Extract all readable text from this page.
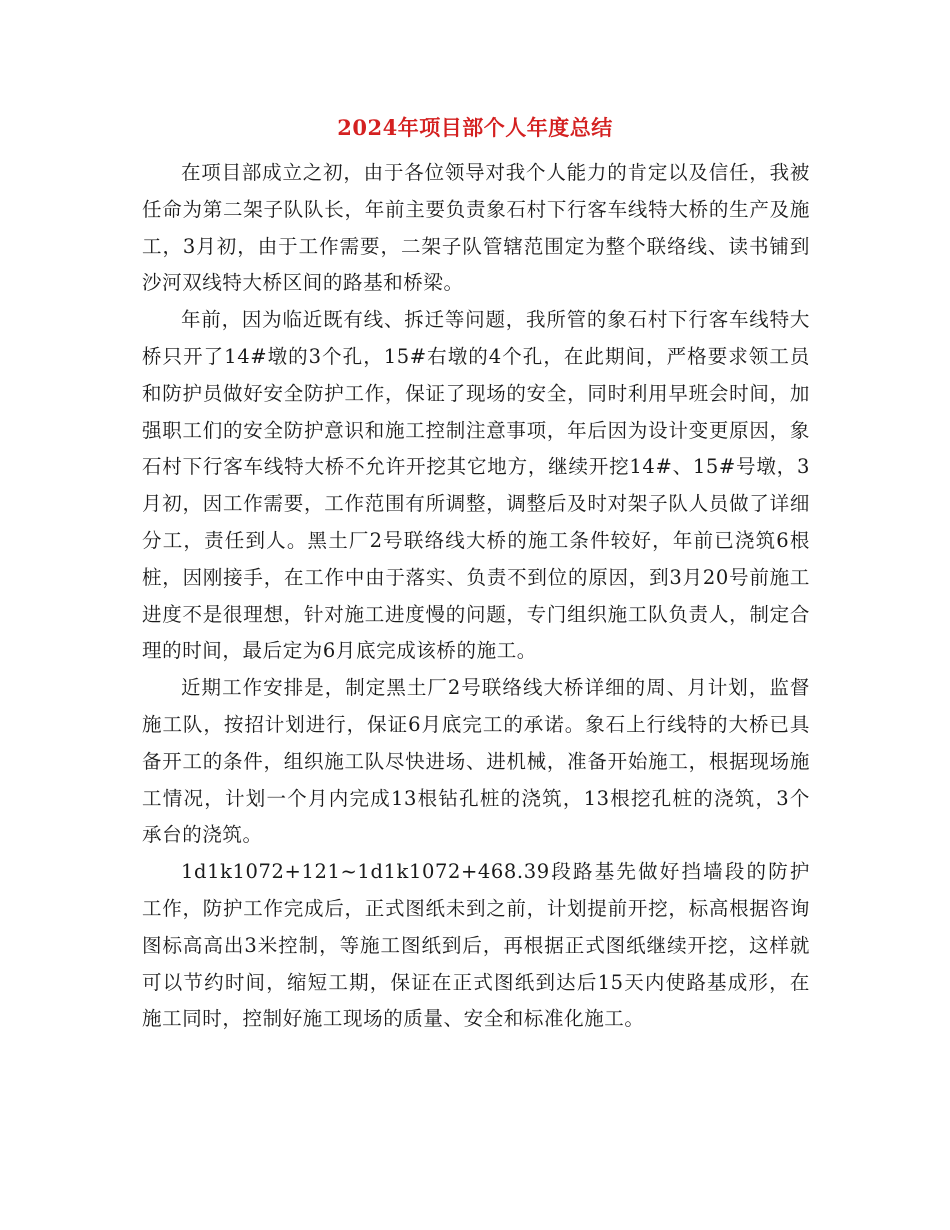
2024年项目部个人年度总结

在项目部成立之初，由于各位领导对我个人能力的肯定以及信任，我被任命为第二架子队队长，年前主要负责象石村下行客车线特大桥的生产及施工，3月初，由于工作需要，二架子队管辖范围定为整个联络线、读书铺到沙河双线特大桥区间的路基和桥梁。

年前，因为临近既有线、拆迁等问题，我所管的象石村下行客车线特大桥只开了14#墩的3个孔，15#右墩的4个孔，在此期间，严格要求领工员和防护员做好安全防护工作，保证了现场的安全，同时利用早班会时间，加强职工们的安全防护意识和施工控制注意事项，年后因为设计变更原因，象石村下行客车线特大桥不允许开挖其它地方，继续开挖14#、15#号墩，3月初，因工作需要，工作范围有所调整，调整后及时对架子队人员做了详细分工，责任到人。黑土厂2号联络线大桥的施工条件较好，年前已浇筑6根桩，因刚接手，在工作中由于落实、负责不到位的原因，到3月20号前施工进度不是很理想，针对施工进度慢的问题，专门组织施工队负责人，制定合理的时间，最后定为6月底完成该桥的施工。

近期工作安排是，制定黑土厂2号联络线大桥详细的周、月计划，监督施工队，按招计划进行，保证6月底完工的承诺。象石上行线特的大桥已具备开工的条件，组织施工队尽快进场、进机械，准备开始施工，根据现场施工情况，计划一个月内完成13根钻孔桩的浇筑，13根挖孔桩的浇筑，3个承台的浇筑。

1d1k1072+121~1d1k1072+468.39段路基先做好挡墙段的防护工作，防护工作完成后，正式图纸未到之前，计划提前开挖，标高根据咨询图标高高出3米控制，等施工图纸到后，再根据正式图纸继续开挖，这样就可以节约时间，缩短工期，保证在正式图纸到达后15天内使路基成形，在施工同时，控制好施工现场的质量、安全和标准化施工。
